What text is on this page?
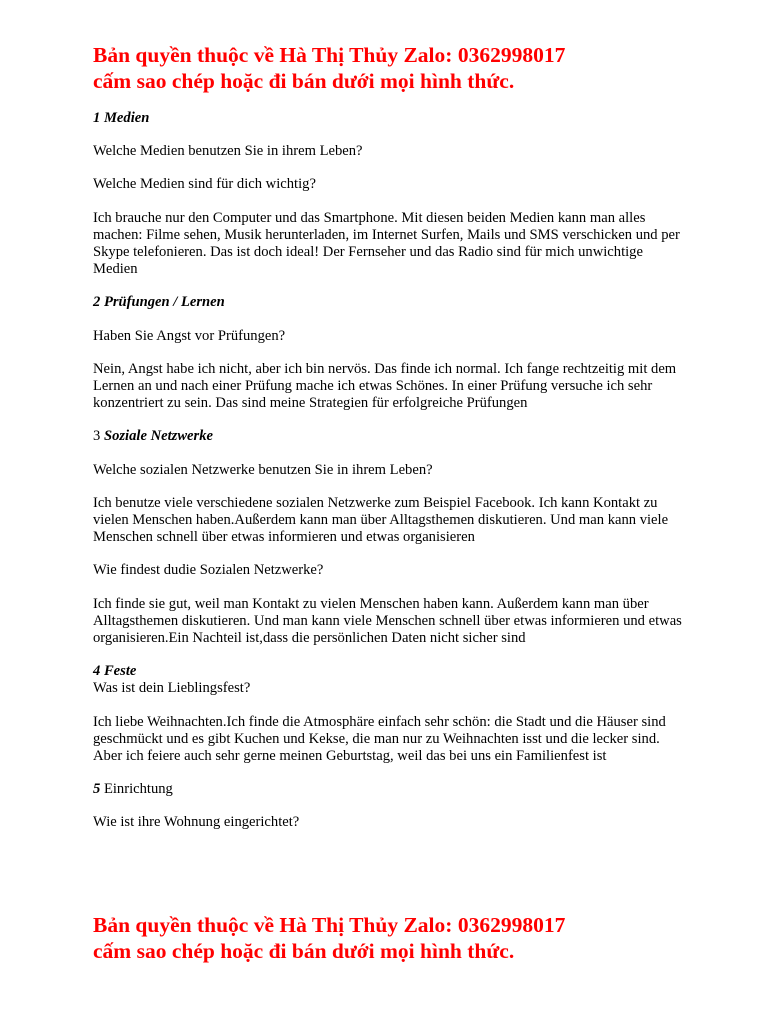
Bản quyền thuộc về Hà Thị Thủy Zalo: 0362998017

cấm sao chép hoặc đi bán dưới mọi hình thức.

1 Medien

Welche Medien benutzen Sie in ihrem Leben?

Welche Medien sind für dich wichtig?

Ich brauche nur den Computer und das Smartphone. Mit diesen beiden Medien kann man alles machen: Filme sehen, Musik herunterladen, im Internet Surfen, Mails und SMS verschicken und per Skype telefonieren. Das ist doch ideal! Der Fernseher und das Radio sind für mich unwichtige Medien

2 Prüfungen / Lernen

Haben Sie Angst vor Prüfungen?

Nein, Angst habe ich nicht, aber ich bin nervös. Das finde ich normal. Ich fange rechtzeitig mit dem Lernen an und nach einer Prüfung mache ich etwas Schönes. In einer Prüfung versuche ich sehr konzentriert zu sein. Das sind meine Strategien für erfolgreiche Prüfungen

3 Soziale Netzwerke

Welche sozialen Netzwerke benutzen Sie in ihrem Leben?

Ich benutze viele verschiedene sozialen Netzwerke zum Beispiel Facebook. Ich kann Kontakt zu vielen Menschen haben.Außerdem kann man über Alltagsthemen diskutieren. Und man kann viele Menschen schnell über etwas informieren und etwas organisieren

Wie findest dudie Sozialen Netzwerke?

Ich finde sie gut, weil man Kontakt zu vielen Menschen haben kann. Außerdem kann man über Alltagsthemen diskutieren. Und man kann viele Menschen schnell über etwas informieren und etwas organisieren.Ein Nachteil ist,dass die persönlichen Daten nicht sicher sind

4 Feste

Was ist dein Lieblingsfest?

Ich liebe Weihnachten.Ich finde die Atmosphäre einfach sehr schön: die Stadt und die Häuser sind geschmückt und es gibt Kuchen und Kekse, die man nur zu Weihnachten isst und die lecker sind. Aber ich feiere auch sehr gerne meinen Geburtstag, weil das bei uns ein Familienfest ist

5 Einrichtung

Wie ist ihre Wohnung eingerichtet?

Bản quyền thuộc về Hà Thị Thủy Zalo: 0362998017

cấm sao chép hoặc đi bán dưới mọi hình thức.
